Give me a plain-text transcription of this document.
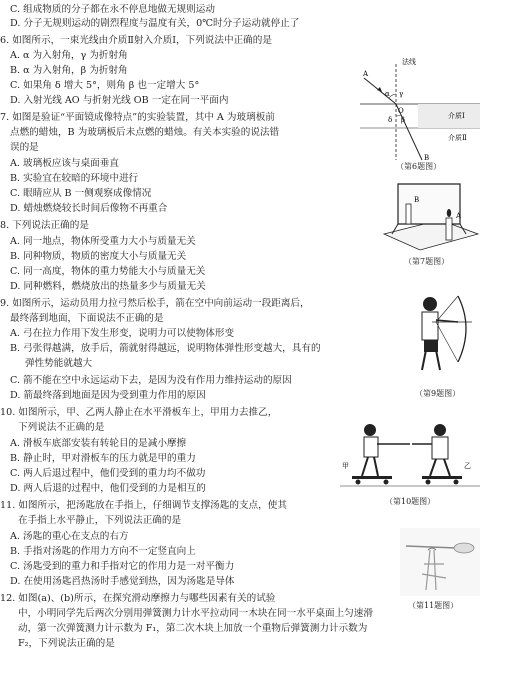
C. 组成物质的分子都在永不停息地做无规则运动
D. 分子无规则运动的剧烈程度与温度有关，0℃时分子运动就停止了
6. 如图所示，一束光线由介质Ⅱ射入介质Ⅰ，下列说法中正确的是
A. α 为入射角，γ 为折射角
B. α 为入射角，β 为折射角
C. 如果角 δ 增大 5°，则角 β 也一定增大 5°
D. 入射光线 AO 与折射光线 OB 一定在同一平面内
7. 如图是验证“平面镜成像特点”的实验装置，其中 A 为玻璃板前
点燃的蜡烛，B 为玻璃板后未点燃的蜡烛。有关本实验的说法错
误的是
A. 玻璃板应该与桌面垂直
B. 实验宜在较暗的环境中进行
C. 眼睛应从 B 一侧观察成像情况
D. 蜡烛燃烧较长时间后像物不再重合
8. 下列说法正确的是
A. 同一地点，物体所受重力大小与质量无关
B. 同种物质，物质的密度大小与质量无关
C. 同一高度，物体的重力势能大小与质量无关
D. 同种燃料，燃烧放出的热量多少与质量无关
9. 如图所示，运动员用力拉弓然后松手，箭在空中向前运动一段距离后，
最终落到地面，下面说法不正确的是
A. 弓在拉力作用下发生形变，说明力可以使物体形变
B. 弓张得越满，放手后，箭就射得越远，说明物体弹性形变越大，具有的
弹性势能就越大
C. 箭不能在空中永远运动下去，是因为没有作用力维持运动的原因
D. 箭最终落到地面是因为受到重力作用的原因
10. 如图所示，甲、乙两人静止在水平滑板车上，甲用力去推乙，
下列说法不正确的是
A. 滑板车底部安装有转轮目的是减小摩擦
B. 静止时，甲对滑板车的压力就是甲的重力
C. 两人后退过程中，他们受到的重力均不做功
D. 两人后退的过程中，他们受到的力是相互的
11. 如图所示，把汤匙放在手指上，仔细调节支撑汤匙的支点，使其
在手指上水平静止，下列说法正确的是
A. 汤匙的重心在支点的右方
B. 手指对汤匙的作用力方向不一定竖直向上
C. 汤匙受到的重力和手指对它的作用力是一对平衡力
D. 在使用汤匙舀热汤时手感觉到热，因为汤匙是导体
12. 如图(a)、(b)所示，在探究滑动摩擦力与哪些因素有关的试验
中，小明同学先后两次分别用弹簧测力计水平拉动同一木块在同一水平桌面上匀速滑
动，第一次弹簧测力计示数为 F₁，第二次木块上加放一个重物后弹簧测力计示数为
F₂，下列说法正确的是
法线
介质Ⅰ
介质Ⅱ
A
B
O
α γ
β
δ
（第6题图）
B
A
（第7题图）
（第9题图）
甲	乙
（第10题图）
（第11题图）
